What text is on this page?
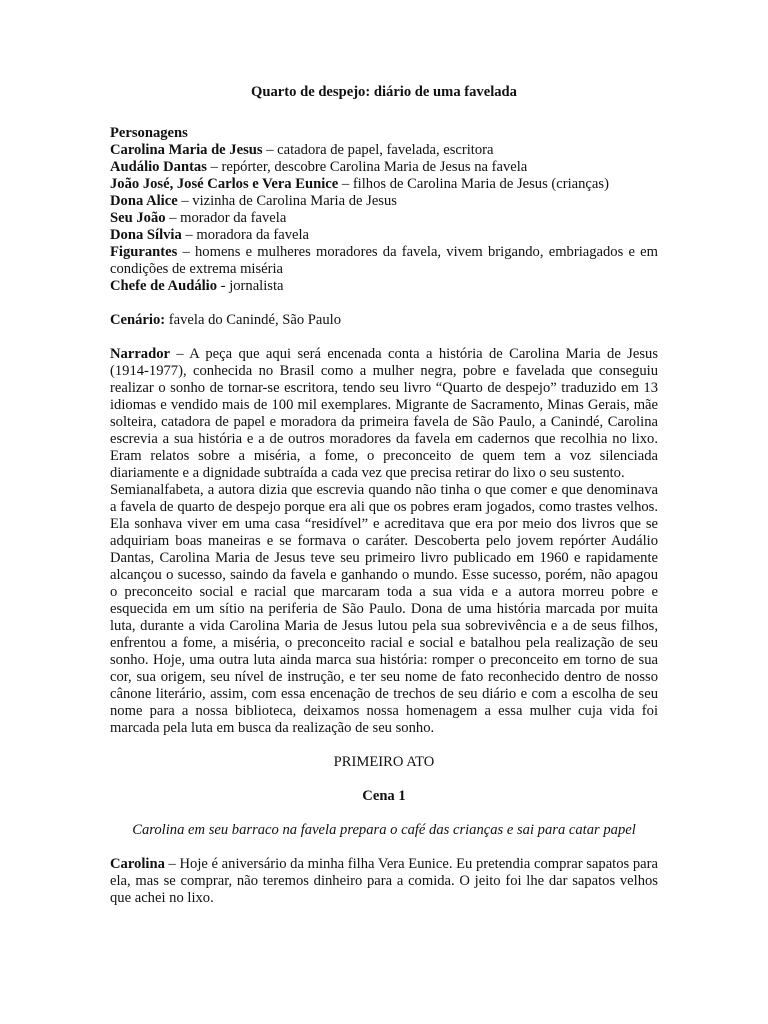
Quarto de despejo: diário de uma favelada

Personagens

Carolina Maria de Jesus – catadora de papel, favelada, escritora

Audálio Dantas – repórter, descobre Carolina Maria de Jesus na favela

João José, José Carlos e Vera Eunice – filhos de Carolina Maria de Jesus (crianças)

Dona Alice – vizinha de Carolina Maria de Jesus

Seu João – morador da favela

Dona Sílvia – moradora da favela

Figurantes – homens e mulheres moradores da favela, vivem brigando, embriagados e em condições de extrema miséria

Chefe de Audálio - jornalista

Cenário: favela do Canindé, São Paulo

Narrador – A peça que aqui será encenada conta a história de Carolina Maria de Jesus (1914-1977), conhecida no Brasil como a mulher negra, pobre e favelada que conseguiu realizar o sonho de tornar-se escritora, tendo seu livro “Quarto de despejo” traduzido em 13 idiomas e vendido mais de 100 mil exemplares. Migrante de Sacramento, Minas Gerais, mãe solteira, catadora de papel e moradora da primeira favela de São Paulo, a Canindé, Carolina escrevia a sua história e a de outros moradores da favela em cadernos que recolhia no lixo. Eram relatos sobre a miséria, a fome, o preconceito de quem tem a voz silenciada diariamente e a dignidade subtraída a cada vez que precisa retirar do lixo o seu sustento.

Semianalfabeta, a autora dizia que escrevia quando não tinha o que comer e que denominava a favela de quarto de despejo porque era ali que os pobres eram jogados, como trastes velhos. Ela sonhava viver em uma casa “residível” e acreditava que era por meio dos livros que se adquiriam boas maneiras e se formava o caráter. Descoberta pelo jovem repórter Audálio Dantas, Carolina Maria de Jesus teve seu primeiro livro publicado em 1960 e rapidamente alcançou o sucesso, saindo da favela e ganhando o mundo. Esse sucesso, porém, não apagou o preconceito social e racial que marcaram toda a sua vida e a autora morreu pobre e esquecida em um sítio na periferia de São Paulo. Dona de uma história marcada por muita luta, durante a vida Carolina Maria de Jesus lutou pela sua sobrevivência e a de seus filhos, enfrentou a fome, a miséria, o preconceito racial e social e batalhou pela realização de seu sonho. Hoje, uma outra luta ainda marca sua história: romper o preconceito em torno de sua cor, sua origem, seu nível de instrução, e ter seu nome de fato reconhecido dentro de nosso cânone literário, assim, com essa encenação de trechos de seu diário e com a escolha de seu nome para a nossa biblioteca, deixamos nossa homenagem a essa mulher cuja vida foi marcada pela luta em busca da realização de seu sonho.

PRIMEIRO ATO

Cena 1

Carolina em seu barraco na favela prepara o café das crianças e sai para catar papel

Carolina – Hoje é aniversário da minha filha Vera Eunice. Eu pretendia comprar sapatos para ela, mas se comprar, não teremos dinheiro para a comida. O jeito foi lhe dar sapatos velhos que achei no lixo.
